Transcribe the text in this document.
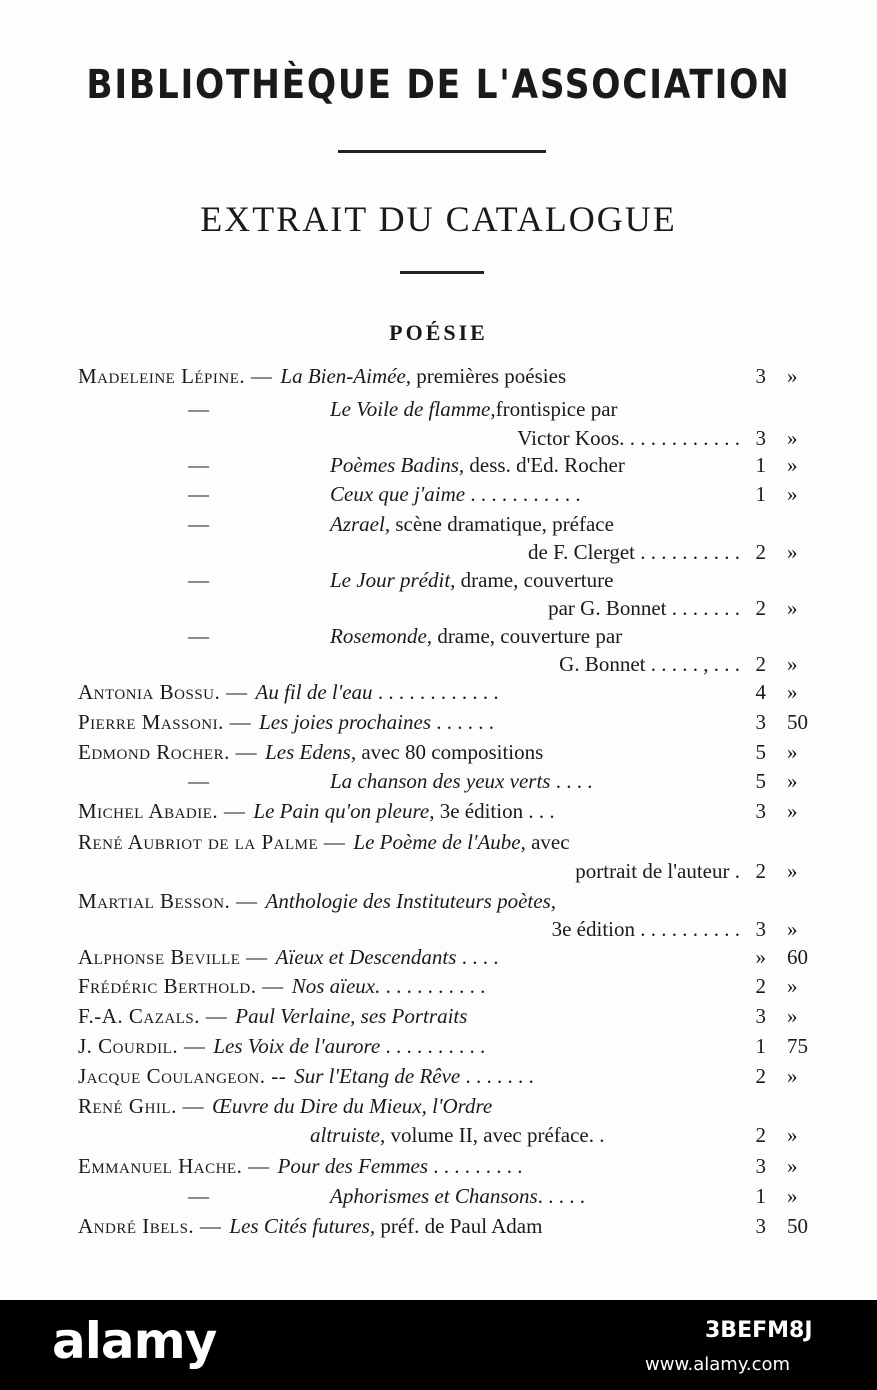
BIBLIOTHÈQUE DE L'ASSOCIATION
EXTRAIT DU CATALOGUE
POÉSIE
Madeleine Lépine. — La Bien-Aimée, premières poésies	3 »
—	Le Voile de flamme,frontispice par
Victor Koos. . . . . . . . . . . . 3 »
—	Poèmes Badins, dess. d'Ed. Rocher	1 »
—	Ceux que j'aime . . . . . . . . . . .	1 »
—	Azrael, scène dramatique, préface
de F. Clerget . . . . . . . . . . 2 »
—	Le Jour prédit, drame, couverture
par G. Bonnet . . . . . . . 2 »
—	Rosemonde, drame, couverture par
G. Bonnet . . . . . , . . . 2 »
Antonia Bossu. — Au fil de l'eau . . . . . . . . . . . .	4 »
Pierre Massoni. — Les joies prochaines . . . . . .	3 50
Edmond Rocher. — Les Edens, avec 80 compositions	5 »
—	La chanson des yeux verts . . . .	5 »
Michel Abadie. — Le Pain qu'on pleure, 3e édition . . .	3 »
René Aubriot de la Palme — Le Poème de l'Aube, avec
portrait de l'auteur . 2 »
Martial Besson. — Anthologie des Instituteurs poètes,
3e édition . . . . . . . . . . 3 »
Alphonse Beville — Aïeux et Descendants . . . .	» 60
Frédéric Berthold. — Nos aïeux. . . . . . . . . . .	2 »
F.-A. Cazals. — Paul Verlaine, ses Portraits	3 »
J. Courdil. — Les Voix de l'aurore . . . . . . . . . .	1 75
Jacque Coulangeon. -- Sur l'Etang de Rêve . . . . . . .	2 »
René Ghil. — Œuvre du Dire du Mieux, l'Ordre
altruiste, volume II, avec préface. .	2 »
Emmanuel Hache. — Pour des Femmes . . . . . . . . .	3 »
—	Aphorismes et Chansons. . . . .	1 »
André Ibels. — Les Cités futures, préf. de Paul Adam	3 50
alamy	3BEFM8J
www.alamy.com
